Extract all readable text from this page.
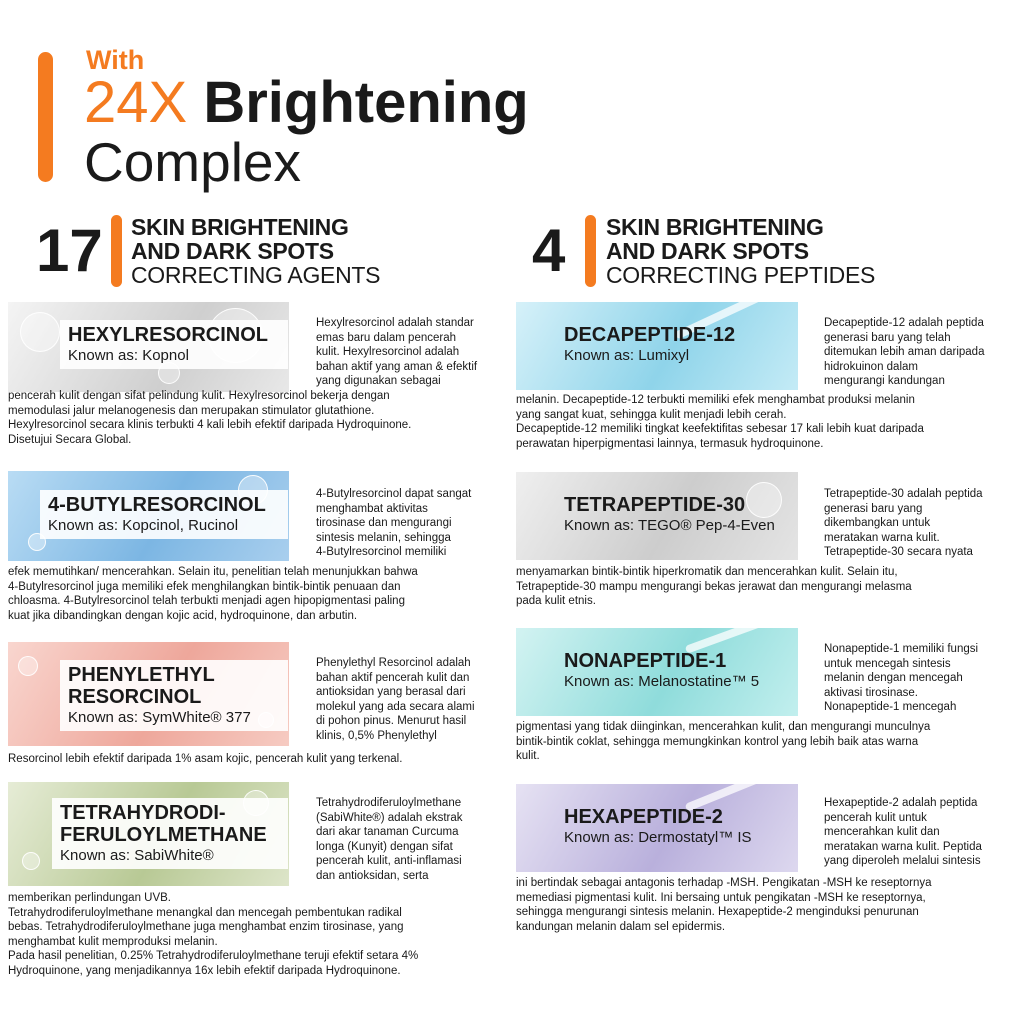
With
24X Brightening
Complex
17 SKIN BRIGHTENING
AND DARK SPOTS
CORRECTING AGENTS	4 SKIN BRIGHTENING
AND DARK SPOTS
CORRECTING PEPTIDES
HEXYLRESORCINOL
Known as: Kopnol
Hexylresorcinol adalah standar
emas baru dalam pencerah
kulit. Hexylresorcinol adalah
bahan aktif yang aman & efektif
yang digunakan sebagai
pencerah kulit dengan sifat pelindung kulit. Hexylresorcinol bekerja dengan
memodulasi jalur melanogenesis dan merupakan stimulator glutathione.
Hexylresorcinol secara klinis terbukti 4 kali lebih efektif daripada Hydroquinone.
Disetujui Secara Global.
4-BUTYLRESORCINOL
Known as: Kopcinol, Rucinol
4-Butylresorcinol dapat sangat
menghambat aktivitas
tirosinase dan mengurangi
sintesis melanin, sehingga
4-Butylresorcinol memiliki
efek memutihkan/ mencerahkan. Selain itu, penelitian telah menunjukkan bahwa
4-Butylresorcinol juga memiliki efek menghilangkan bintik-bintik penuaan dan
chloasma. 4-Butylresorcinol telah terbukti menjadi agen hipopigmentasi paling
kuat jika dibandingkan dengan kojic acid, hydroquinone, dan arbutin.
PHENYLETHYL
RESORCINOL
Known as: SymWhite® 377
Phenylethyl Resorcinol adalah
bahan aktif pencerah kulit dan
antioksidan yang berasal dari
molekul yang ada secara alami
di pohon pinus. Menurut hasil
klinis, 0,5% Phenylethyl
Resorcinol lebih efektif daripada 1% asam kojic, pencerah kulit yang terkenal.
TETRAHYDRODI-
FERULOYLMETHANE
Known as: SabiWhite®
Tetrahydrodiferuloylmethane
(SabiWhite®) adalah ekstrak
dari akar tanaman Curcuma
longa (Kunyit) dengan sifat
pencerah kulit, anti-inflamasi
dan antioksidan, serta
memberikan perlindungan UVB.
Tetrahydrodiferuloylmethane menangkal dan mencegah pembentukan radikal
bebas. Tetrahydrodiferuloylmethane juga menghambat enzim tirosinase, yang
menghambat kulit memproduksi melanin.
Pada hasil penelitian, 0.25% Tetrahydrodiferuloylmethane teruji efektif setara 4%
Hydroquinone, yang menjadikannya 16x lebih efektif daripada Hydroquinone.
DECAPEPTIDE-12
Known as: Lumixyl
Decapeptide-12 adalah peptida
generasi baru yang telah
ditemukan lebih aman daripada
hidrokuinon dalam
mengurangi kandungan
melanin. Decapeptide-12 terbukti memiliki efek menghambat produksi melanin
yang sangat kuat, sehingga kulit menjadi lebih cerah.
Decapeptide-12 memiliki tingkat keefektifitas sebesar 17 kali lebih kuat daripada
perawatan hiperpigmentasi lainnya, termasuk hydroquinone.
TETRAPEPTIDE-30
Known as: TEGO® Pep-4-Even
Tetrapeptide-30 adalah peptida
generasi baru yang
dikembangkan untuk
meratakan warna kulit.
Tetrapeptide-30 secara nyata
menyamarkan bintik-bintik hiperkromatik dan mencerahkan kulit. Selain itu,
Tetrapeptide-30 mampu mengurangi bekas jerawat dan mengurangi melasma
pada kulit etnis.
NONAPEPTIDE-1
Known as: Melanostatine™ 5
Nonapeptide-1 memiliki fungsi
untuk mencegah sintesis
melanin dengan mencegah
aktivasi tirosinase.
Nonapeptide-1 mencegah
pigmentasi yang tidak diinginkan, mencerahkan kulit, dan mengurangi munculnya
bintik-bintik coklat, sehingga memungkinkan kontrol yang lebih baik atas warna
kulit.
HEXAPEPTIDE-2
Known as: Dermostatyl™ IS
Hexapeptide-2 adalah peptida
pencerah kulit untuk
mencerahkan kulit dan
meratakan warna kulit. Peptida
yang diperoleh melalui sintesis
ini bertindak sebagai antagonis terhadap -MSH. Pengikatan -MSH ke reseptornya
memediasi pigmentasi kulit. Ini bersaing untuk pengikatan -MSH ke reseptornya,
sehingga mengurangi sintesis melanin. Hexapeptide-2 menginduksi penurunan
kandungan melanin dalam sel epidermis.
